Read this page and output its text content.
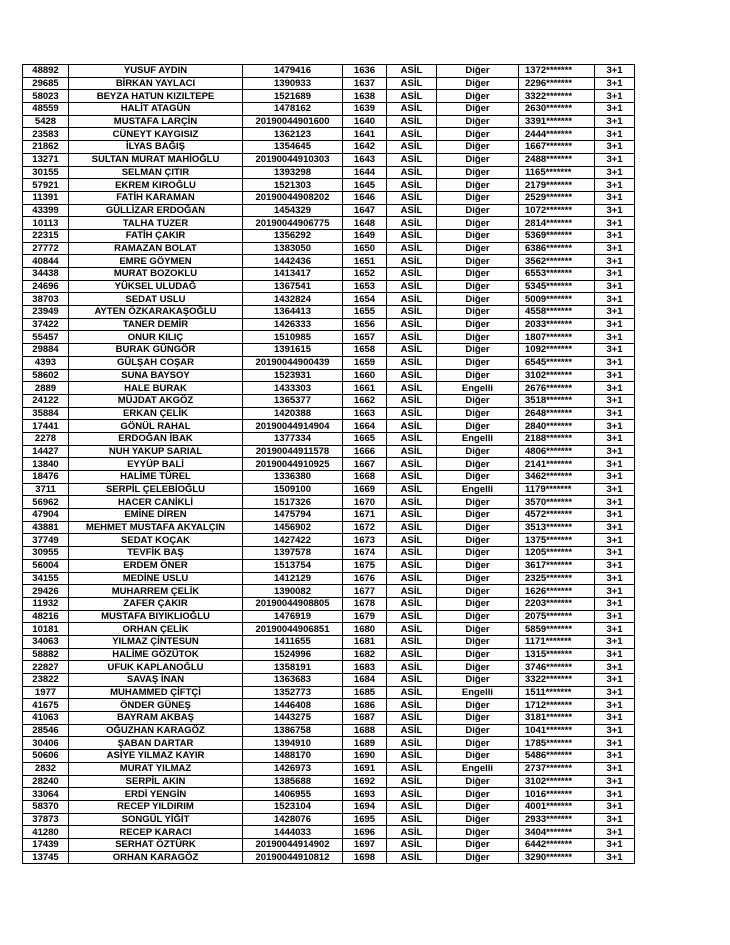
48892	YUSUF AYDIN	1479416	1636	ASİL	Diğer	1372*******	3+1
29685	BİRKAN YAYLACI	1390933	1637	ASİL	Diğer	2296*******	3+1
58023	BEYZA HATUN KIZILTEPE	1521689	1638	ASİL	Diğer	3322*******	3+1
48559	HALİT ATAGÜN	1478162	1639	ASİL	Diğer	2630*******	3+1
5428	MUSTAFA LARÇİN	20190044901600	1640	ASİL	Diğer	3391*******	3+1
23583	CÜNEYT KAYGISIZ	1362123	1641	ASİL	Diğer	2444*******	3+1
21862	İLYAS BAĞIŞ	1354645	1642	ASİL	Diğer	1667*******	3+1
13271	SULTAN MURAT MAHİOĞLU	20190044910303	1643	ASİL	Diğer	2488*******	3+1
30155	SELMAN ÇITIR	1393298	1644	ASİL	Diğer	1165*******	3+1
57921	EKREM KIROĞLU	1521303	1645	ASİL	Diğer	2179*******	3+1
11391	FATİH KARAMAN	20190044908202	1646	ASİL	Diğer	2529*******	3+1
43399	GÜLLİZAR ERDOĞAN	1454329	1647	ASİL	Diğer	1072*******	3+1
10113	TALHA TUZER	20190044906775	1648	ASİL	Diğer	2814*******	3+1
22315	FATİH ÇAKIR	1356292	1649	ASİL	Diğer	5369*******	3+1
27772	RAMAZAN BOLAT	1383050	1650	ASİL	Diğer	6386*******	3+1
40844	EMRE GÖYMEN	1442436	1651	ASİL	Diğer	3562*******	3+1
34438	MURAT BOZOKLU	1413417	1652	ASİL	Diğer	6553*******	3+1
24696	YÜKSEL ULUDAĞ	1367541	1653	ASİL	Diğer	5345*******	3+1
38703	SEDAT USLU	1432824	1654	ASİL	Diğer	5009*******	3+1
23949	AYTEN ÖZKARAKAŞOĞLU	1364413	1655	ASİL	Diğer	4558*******	3+1
37422	TANER DEMİR	1426333	1656	ASİL	Diğer	2033*******	3+1
55457	ONUR KILIÇ	1510985	1657	ASİL	Diğer	1807*******	3+1
29884	BURAK GÜNGÖR	1391615	1658	ASİL	Diğer	1092*******	3+1
4393	GÜLŞAH COŞAR	20190044900439	1659	ASİL	Diğer	6545*******	3+1
58602	SUNA BAYSOY	1523931	1660	ASİL	Diğer	3102*******	3+1
2889	HALE BURAK	1433303	1661	ASİL	Engelli	2676*******	3+1
24122	MÜJDAT AKGÖZ	1365377	1662	ASİL	Diğer	3518*******	3+1
35884	ERKAN ÇELİK	1420388	1663	ASİL	Diğer	2648*******	3+1
17441	GÖNÜL RAHAL	20190044914904	1664	ASİL	Diğer	2840*******	3+1
2278	ERDOĞAN İBAK	1377334	1665	ASİL	Engelli	2188*******	3+1
14427	NUH YAKUP SARIAL	20190044911578	1666	ASİL	Diğer	4806*******	3+1
13840	EYYÜP BALİ	20190044910925	1667	ASİL	Diğer	2141*******	3+1
18476	HALİME TÜREL	1336380	1668	ASİL	Diğer	3462*******	3+1
3711	SERPİL ÇELEBİOĞLU	1509100	1669	ASİL	Engelli	1179*******	3+1
56962	HACER CANİKLİ	1517326	1670	ASİL	Diğer	3570*******	3+1
47904	EMİNE DİREN	1475794	1671	ASİL	Diğer	4572*******	3+1
43881	MEHMET MUSTAFA AKYALÇIN	1456902	1672	ASİL	Diğer	3513*******	3+1
37749	SEDAT KOÇAK	1427422	1673	ASİL	Diğer	1375*******	3+1
30955	TEVFİK BAŞ	1397578	1674	ASİL	Diğer	1205*******	3+1
56004	ERDEM ÖNER	1513754	1675	ASİL	Diğer	3617*******	3+1
34155	MEDİNE USLU	1412129	1676	ASİL	Diğer	2325*******	3+1
29426	MUHARREM ÇELİK	1390082	1677	ASİL	Diğer	1626*******	3+1
11932	ZAFER ÇAKIR	20190044908805	1678	ASİL	Diğer	2203*******	3+1
48216	MUSTAFA BIYIKLIOĞLU	1476919	1679	ASİL	Diğer	2075*******	3+1
10181	ORHAN ÇELİK	20190044906851	1680	ASİL	Diğer	5859*******	3+1
34063	YILMAZ ÇİNTESUN	1411655	1681	ASİL	Diğer	1171*******	3+1
58882	HALİME GÖZÜTOK	1524996	1682	ASİL	Diğer	1315*******	3+1
22827	UFUK KAPLANOĞLU	1358191	1683	ASİL	Diğer	3746*******	3+1
23822	SAVAŞ İNAN	1363683	1684	ASİL	Diğer	3322*******	3+1
1977	MUHAMMED ÇİFTÇİ	1352773	1685	ASİL	Engelli	1511*******	3+1
41675	ÖNDER GÜNEŞ	1446408	1686	ASİL	Diğer	1712*******	3+1
41063	BAYRAM AKBAŞ	1443275	1687	ASİL	Diğer	3181*******	3+1
28546	OĞUZHAN KARAGÖZ	1386758	1688	ASİL	Diğer	1041*******	3+1
30406	ŞABAN DARTAR	1394910	1689	ASİL	Diğer	1785*******	3+1
50606	ASİYE YILMAZ KAYIR	1488170	1690	ASİL	Diğer	5486*******	3+1
2832	MURAT YILMAZ	1426973	1691	ASİL	Engelli	2737*******	3+1
28240	SERPİL AKIN	1385688	1692	ASİL	Diğer	3102*******	3+1
33064	ERDİ YENGİN	1406955	1693	ASİL	Diğer	1016*******	3+1
58370	RECEP YILDIRIM	1523104	1694	ASİL	Diğer	4001*******	3+1
37873	SONGÜL YİĞİT	1428076	1695	ASİL	Diğer	2933*******	3+1
41280	RECEP KARACI	1444033	1696	ASİL	Diğer	3404*******	3+1
17439	SERHAT ÖZTÜRK	20190044914902	1697	ASİL	Diğer	6442*******	3+1
13745	ORHAN KARAGÖZ	20190044910812	1698	ASİL	Diğer	3290*******	3+1
